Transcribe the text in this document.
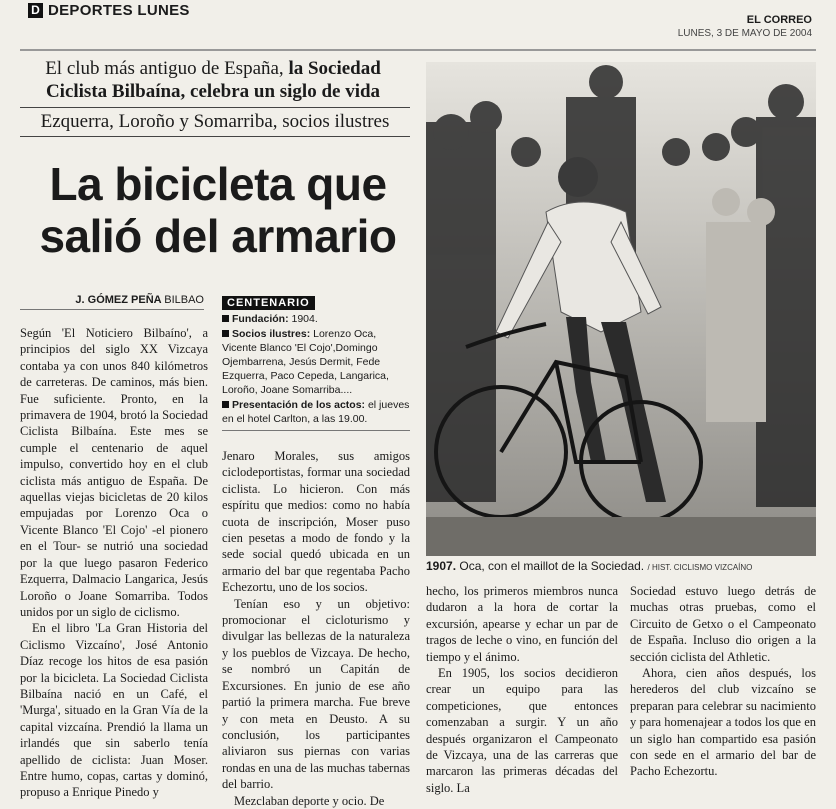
D DEPORTES LUNES
EL CORREO
LUNES, 3 DE MAYO DE 2004
El club más antiguo de España, la Sociedad Ciclista Bilbaína, celebra un siglo de vida
Ezquerra, Loroño y Somarriba, socios ilustres
La bicicleta que
salió del armario
J. GÓMEZ PEÑA BILBAO	CENTENARIO
Fundación: 1904.
Socios ilustres: Lorenzo Oca, Vicente Blanco 'El Cojo',Domingo Ojembarrena, Jesús Dermit, Fede Ezquerra, Paco Cepeda, Langarica, Loroño, Joane Somarriba....
Presentación de los actos: el jueves en el hotel Carlton, a las 19.00.

Según 'El Noticiero Bilbaíno', a principios del siglo XX Vizcaya contaba ya con unos 840 kilómetros de carreteras. De caminos, más bien. Fue suficiente. Pronto, en la primavera de 1904, brotó la Sociedad Ciclista Bilbaína. Este mes se cumple el centenario de aquel impulso, convertido hoy en el club ciclista más antiguo de España. De aquellas viejas bicicletas de 20 kilos empujadas por Lorenzo Oca o Vicente Blanco 'El Cojo' -el pionero en el Tour- se nutrió una sociedad por la que luego pasaron Federico Ezquerra, Dalmacio Langarica, Jesús Loroño o Joane Somarriba. Todos unidos por un siglo de ciclismo.

En el libro 'La Gran Historia del Ciclismo Vizcaíno', José Antonio Díaz recoge los hitos de esa pasión por la bicicleta. La Sociedad Ciclista Bilbaína nació en un Café, el 'Murga', situado en la Gran Vía de la capital vizcaína. Prendió la llama un irlandés que sin saberlo tenía apellido de ciclista: Juan Moser. Entre humo, copas, cartas y dominó, propuso a Enrique Pinedo y

Jenaro Morales, sus amigos ciclodeportistas, formar una sociedad ciclista. Lo hicieron. Con más espíritu que medios: como no había cuota de inscripción, Moser puso cien pesetas a modo de fondo y la sede social quedó ubicada en un armario del bar que regentaba Pacho Echezortu, uno de los socios.

Tenían eso y un objetivo: promocionar el cicloturismo y divulgar las bellezas de la naturaleza y los pueblos de Vizcaya. De hecho, se nombró un Capitán de Excursiones. En junio de ese año partió la primera marcha. Fue breve y con meta en Deusto. A su conclusión, los participantes aliviaron sus piernas con varias rondas en una de las muchas tabernas del barrio.

Mezclaban deporte y ocio. De

hecho, los primeros miembros nunca dudaron a la hora de cortar la excursión, apearse y echar un par de tragos de leche o vino, en función del tiempo y el ánimo.

En 1905, los socios decidieron crear un equipo para las competiciones, que entonces comenzaban a surgir. Y un año después organizaron el Campeonato de Vizcaya, una de las carreras que marcaron las primeras décadas del siglo. La

Sociedad estuvo luego detrás de muchas otras pruebas, como el Circuito de Getxo o el Campeonato de España. Incluso dio origen a la sección ciclista del Athletic.

Ahora, cien años después, los herederos del club vizcaíno se preparan para celebrar su nacimiento y para homenajear a todos los que en un siglo han compartido esa pasión con sede en el armario del bar de Pacho Echezortu.

1907. Oca, con el maillot de la Sociedad. / HIST. CICLISMO VIZCAÍNO
